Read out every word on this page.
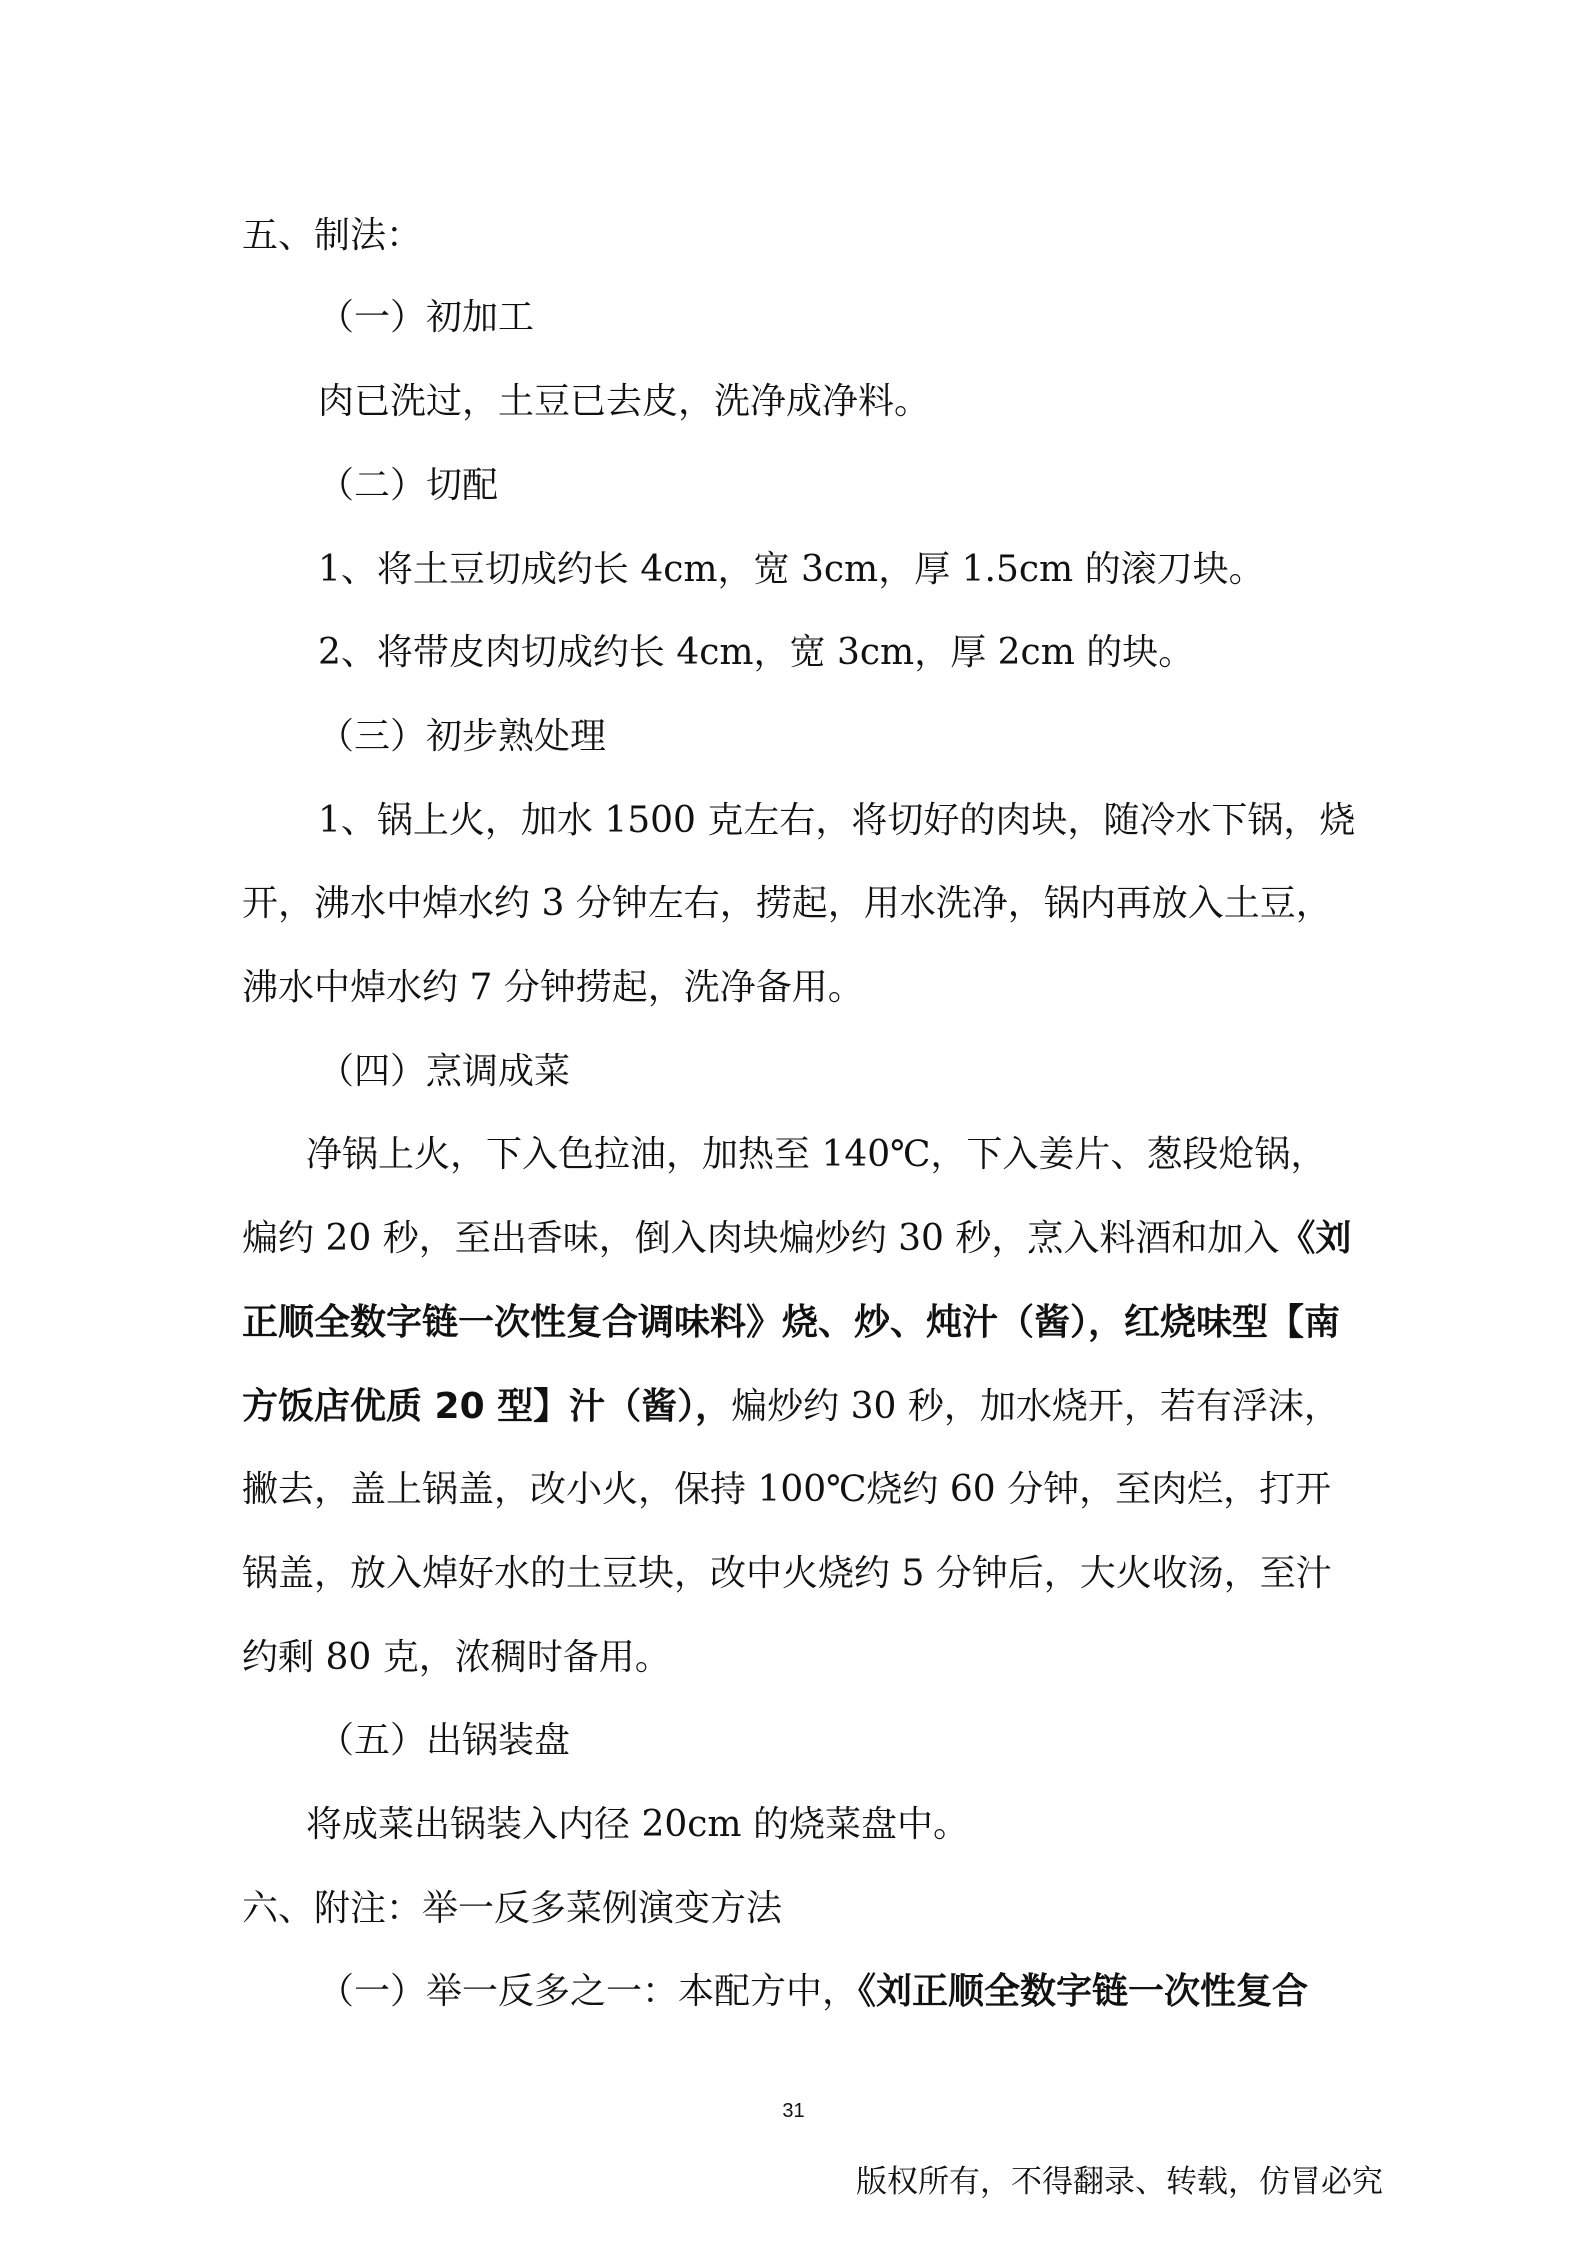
五、制法：

（一）初加工

肉已洗过，土豆已去皮，洗净成净料。

（二）切配

1、将土豆切成约长 4cm，宽 3cm，厚 1.5cm 的滚刀块。

2、将带皮肉切成约长 4cm，宽 3cm，厚 2cm 的块。

（三）初步熟处理

1、锅上火，加水 1500 克左右，将切好的肉块，随冷水下锅，烧

开，沸水中焯水约 3 分钟左右，捞起，用水洗净，锅内再放入土豆，

沸水中焯水约 7 分钟捞起，洗净备用。

（四）烹调成菜

净锅上火，下入色拉油，加热至 140℃，下入姜片、葱段炝锅，

煸约 20 秒，至出香味，倒入肉块煸炒约 30 秒，烹入料酒和加入《刘

正顺全数字链一次性复合调味料》烧、炒、炖汁（酱），红烧味型【南

方饭店优质 20 型】汁（酱），煸炒约 30 秒，加水烧开，若有浮沫，

撇去，盖上锅盖，改小火，保持 100℃烧约 60 分钟，至肉烂，打开

锅盖，放入焯好水的土豆块，改中火烧约 5 分钟后，大火收汤，至汁

约剩 80 克，浓稠时备用。

（五）出锅装盘

将成菜出锅装入内径 20cm 的烧菜盘中。

六、附注：举一反多菜例演变方法

（一）举一反多之一：本配方中，《刘正顺全数字链一次性复合

31
版权所有，不得翻录、转载，仿冒必究
